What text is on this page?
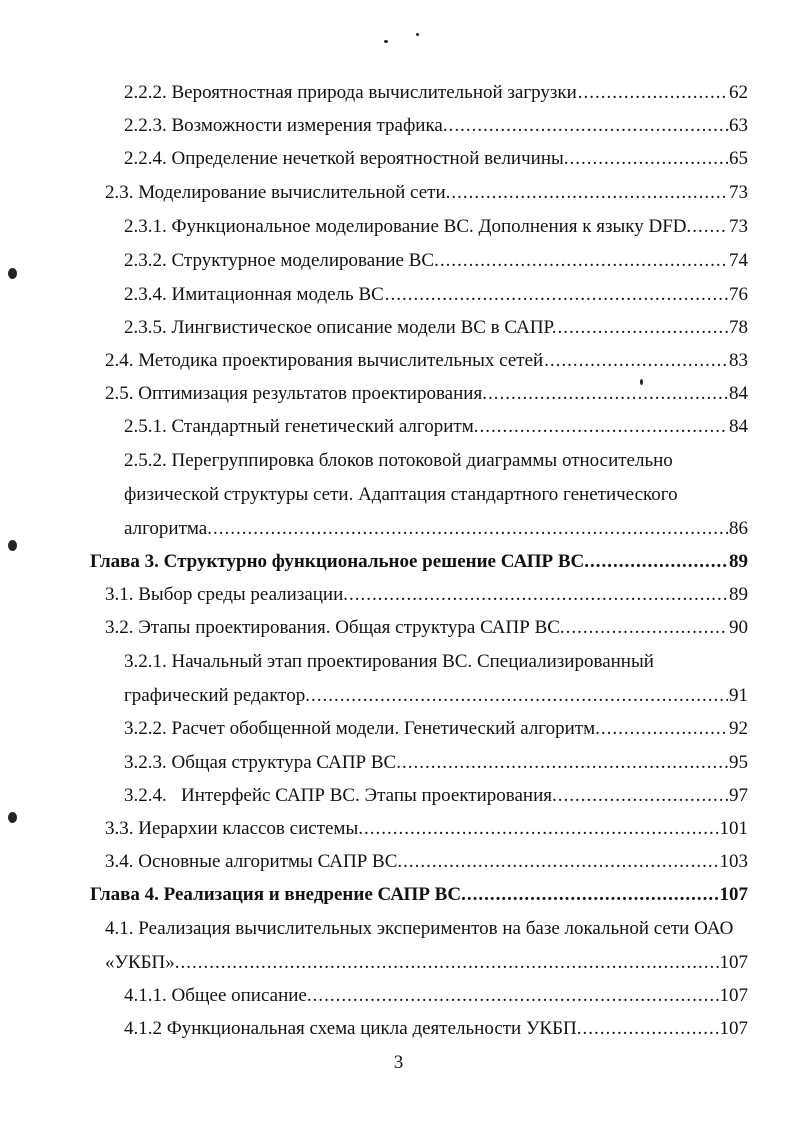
2.2.2. Вероятностная природа вычислительной загрузки .....	62
2.2.3. Возможности измерения трафика. .....	63
2.2.4. Определение нечеткой вероятностной величины. .....	65
2.3. Моделирование вычислительной сети. .....	73
2.3.1. Функциональное моделирование ВС. Дополнения к языку DFD. ..... 73
2.3.2. Структурное моделирование ВС. .....	74
2.3.4. Имитационная модель ВС .....	76
2.3.5. Лингвистическое описание модели ВС в САПР. .....	78
2.4. Методика проектирования вычислительных сетей .....	83
2.5. Оптимизация результатов проектирования. .....	84
2.5.1. Стандартный генетический алгоритм. .....	84
2.5.2. Перегруппировка блоков потоковой диаграммы относительно
физической структуры сети. Адаптация стандартного генетического
алгоритма. .....	86
Глава 3. Структурно функциональное решение САПР ВС. .....	89
3.1. Выбор среды реализации. .....	89
3.2. Этапы проектирования. Общая структура САПР ВС. .....	90
3.2.1. Начальный этап проектирования ВС. Специализированный
графический редактор. .....	91
3.2.2. Расчет обобщенной модели. Генетический алгоритм. .....	92
3.2.3. Общая структура САПР ВС. .....	95
3.2.4.   Интерфейс САПР ВС. Этапы проектирования. .....	97
3.3. Иерархии классов системы. .....	101
3.4. Основные алгоритмы САПР ВС. .....	103
Глава 4. Реализация и внедрение САПР ВС. .....	107
4.1. Реализация вычислительных экспериментов на базе локальной сети ОАО
«УКБП». .....	107
4.1.1. Общее описание. .....	107
4.1.2 Функциональная схема цикла деятельности УКБП. .....	107
3
